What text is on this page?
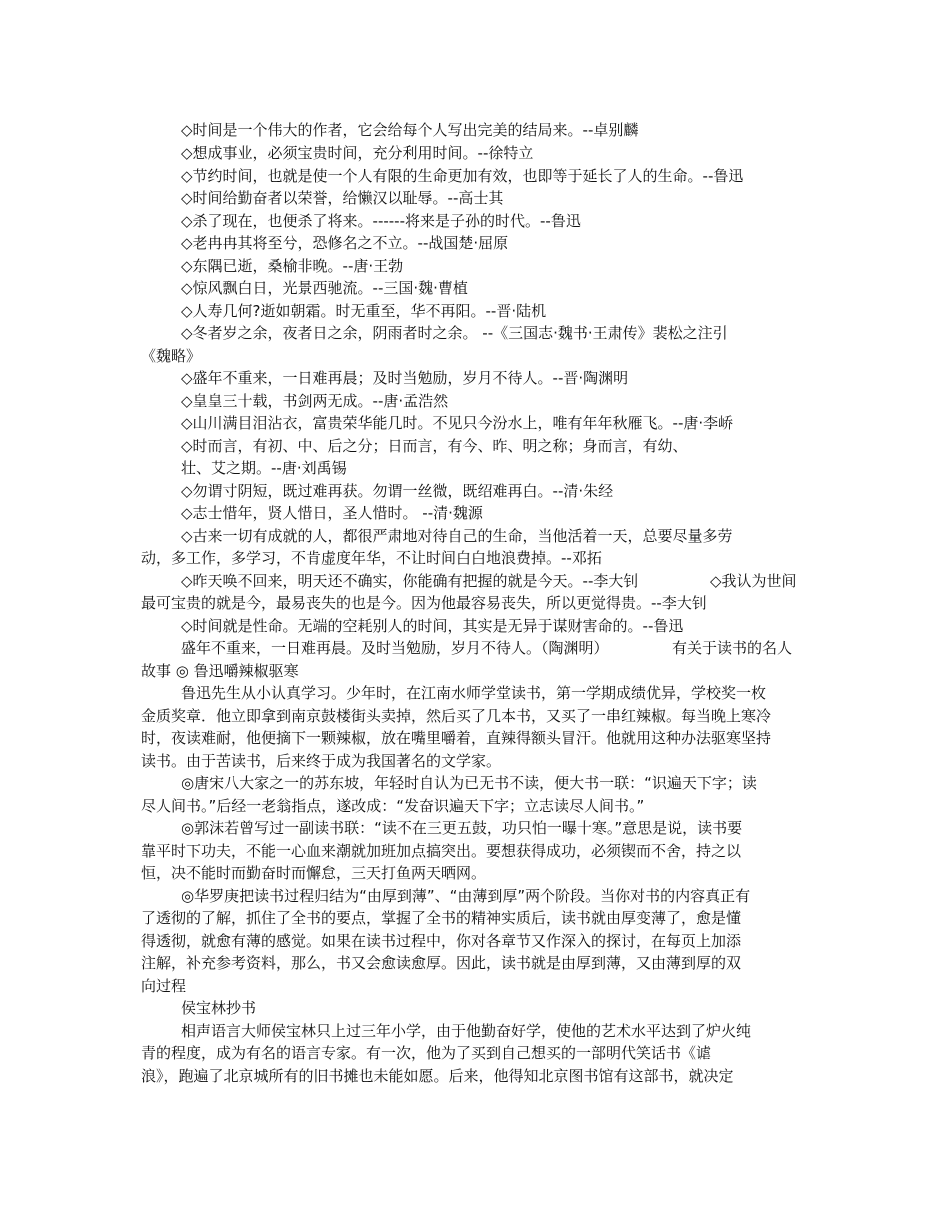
◇时间是一个伟大的作者，它会给每个人写出完美的结局来。--卓别麟
◇想成事业，必须宝贵时间，充分利用时间。--徐特立
◇节约时间，也就是使一个人有限的生命更加有效，也即等于延长了人的生命。--鲁迅
◇时间给勤奋者以荣誉，给懒汉以耻辱。--高士其
◇杀了现在，也便杀了将来。------将来是子孙的时代。--鲁迅
◇老冉冉其将至兮，恐修名之不立。--战国楚·屈原
◇东隅已逝，桑榆非晚。--唐·王勃
◇惊风飘白日，光景西驰流。--三国·魏·曹植
◇人寿几何?逝如朝霜。时无重至，华不再阳。--晋·陆机
◇冬者岁之余，夜者日之余，阴雨者时之余。 --《三国志·魏书·王肃传》裴松之注引
《魏略》
◇盛年不重来，一日难再晨；及时当勉励，岁月不待人。--晋·陶渊明
◇皇皇三十载，书剑两无成。--唐·孟浩然
◇山川满目泪沾衣，富贵荣华能几时。不见只今汾水上，唯有年年秋雁飞。--唐·李峤
◇时而言，有初、中、后之分；日而言，有今、昨、明之称；身而言，有幼、
壮、艾之期。--唐·刘禹锡
◇勿谓寸阴短，既过难再获。勿谓一丝微，既绍难再白。--清·朱经
◇志士惜年，贤人惜日，圣人惜时。 --清·魏源
◇古来一切有成就的人，都很严肃地对待自己的生命，当他活着一天，总要尽量多劳
动，多工作，多学习，不肯虚度年华，不让时间白白地浪费掉。--邓拓
◇昨天唤不回来，明天还不确实，你能确有把握的就是今天。--李大钊	◇我认为世间
最可宝贵的就是今，最易丧失的也是今。因为他最容易丧失，所以更觉得贵。--李大钊
◇时间就是性命。无端的空耗别人的时间，其实是无异于谋财害命的。--鲁迅
盛年不重来，一日难再晨。及时当勉励，岁月不待人。（陶渊明）	有关于读书的名人
故事 ◎ 鲁迅嚼辣椒驱寒
鲁迅先生从小认真学习。少年时，在江南水师学堂读书，第一学期成绩优异，学校奖一枚
金质奖章．他立即拿到南京鼓楼街头卖掉，然后买了几本书，又买了一串红辣椒。每当晚上寒冷
时，夜读难耐，他便摘下一颗辣椒，放在嘴里嚼着，直辣得额头冒汗。他就用这种办法驱寒坚持
读书。由于苦读书，后来终于成为我国著名的文学家。
◎唐宋八大家之一的苏东坡，年轻时自认为已无书不读，便大书一联：“识遍天下字；读
尽人间书。”后经一老翁指点，遂改成：“发奋识遍天下字；立志读尽人间书。”
◎郭沫若曾写过一副读书联：“读不在三更五鼓，功只怕一曝十寒。”意思是说，读书要
靠平时下功夫，不能一心血来潮就加班加点搞突出。要想获得成功，必须锲而不舍，持之以
恒，决不能时而勤奋时而懈怠，三天打鱼两天晒网。
◎华罗庚把读书过程归结为“由厚到薄”、“由薄到厚”两个阶段。当你对书的内容真正有
了透彻的了解，抓住了全书的要点，掌握了全书的精神实质后，读书就由厚变薄了，愈是懂
得透彻，就愈有薄的感觉。如果在读书过程中，你对各章节又作深入的探讨，在每页上加添
注解，补充参考资料，那么，书又会愈读愈厚。因此，读书就是由厚到薄，又由薄到厚的双
向过程
侯宝林抄书
相声语言大师侯宝林只上过三年小学，由于他勤奋好学，使他的艺术水平达到了炉火纯
青的程度，成为有名的语言专家。有一次，他为了买到自己想买的一部明代笑话书《谑
浪》，跑遍了北京城所有的旧书摊也未能如愿。后来，他得知北京图书馆有这部书，就决定
